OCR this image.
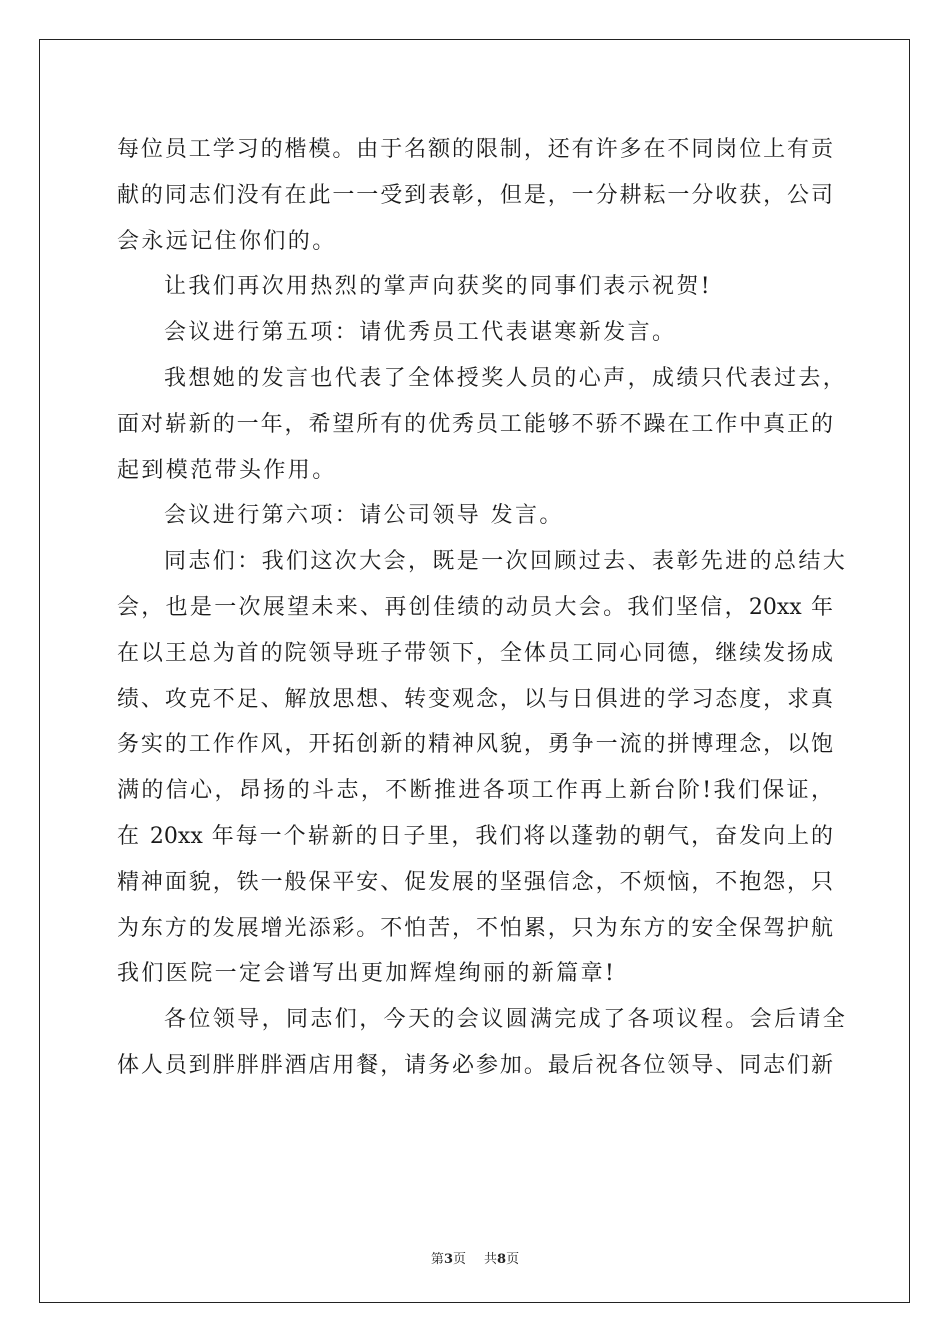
每位员工学习的楷模。由于名额的限制，还有许多在不同岗位上有贡
献的同志们没有在此一一受到表彰，但是，一分耕耘一分收获，公司
会永远记住你们的。
让我们再次用热烈的掌声向获奖的同事们表示祝贺!
会议进行第五项：请优秀员工代表谌寒新发言。
我想她的发言也代表了全体授奖人员的心声，成绩只代表过去，
面对崭新的一年，希望所有的优秀员工能够不骄不躁在工作中真正的
起到模范带头作用。
会议进行第六项：请公司领导 发言。
同志们：我们这次大会，既是一次回顾过去、表彰先进的总结大
会，也是一次展望未来、再创佳绩的动员大会。我们坚信，20xx 年
在以王总为首的院领导班子带领下，全体员工同心同德，继续发扬成
绩、攻克不足、解放思想、转变观念，以与日俱进的学习态度，求真
务实的工作作风，开拓创新的精神风貌，勇争一流的拼博理念，以饱
满的信心，昂扬的斗志，不断推进各项工作再上新台阶!我们保证，
在 20xx 年每一个崭新的日子里，我们将以蓬勃的朝气，奋发向上的
精神面貌，铁一般保平安、促发展的坚强信念，不烦恼，不抱怨，只
为东方的发展增光添彩。不怕苦，不怕累，只为东方的安全保驾护航
我们医院一定会谱写出更加辉煌绚丽的新篇章!
各位领导，同志们，今天的会议圆满完成了各项议程。会后请全
体人员到胖胖胖酒店用餐，请务必参加。最后祝各位领导、同志们新
第3页 共8页
